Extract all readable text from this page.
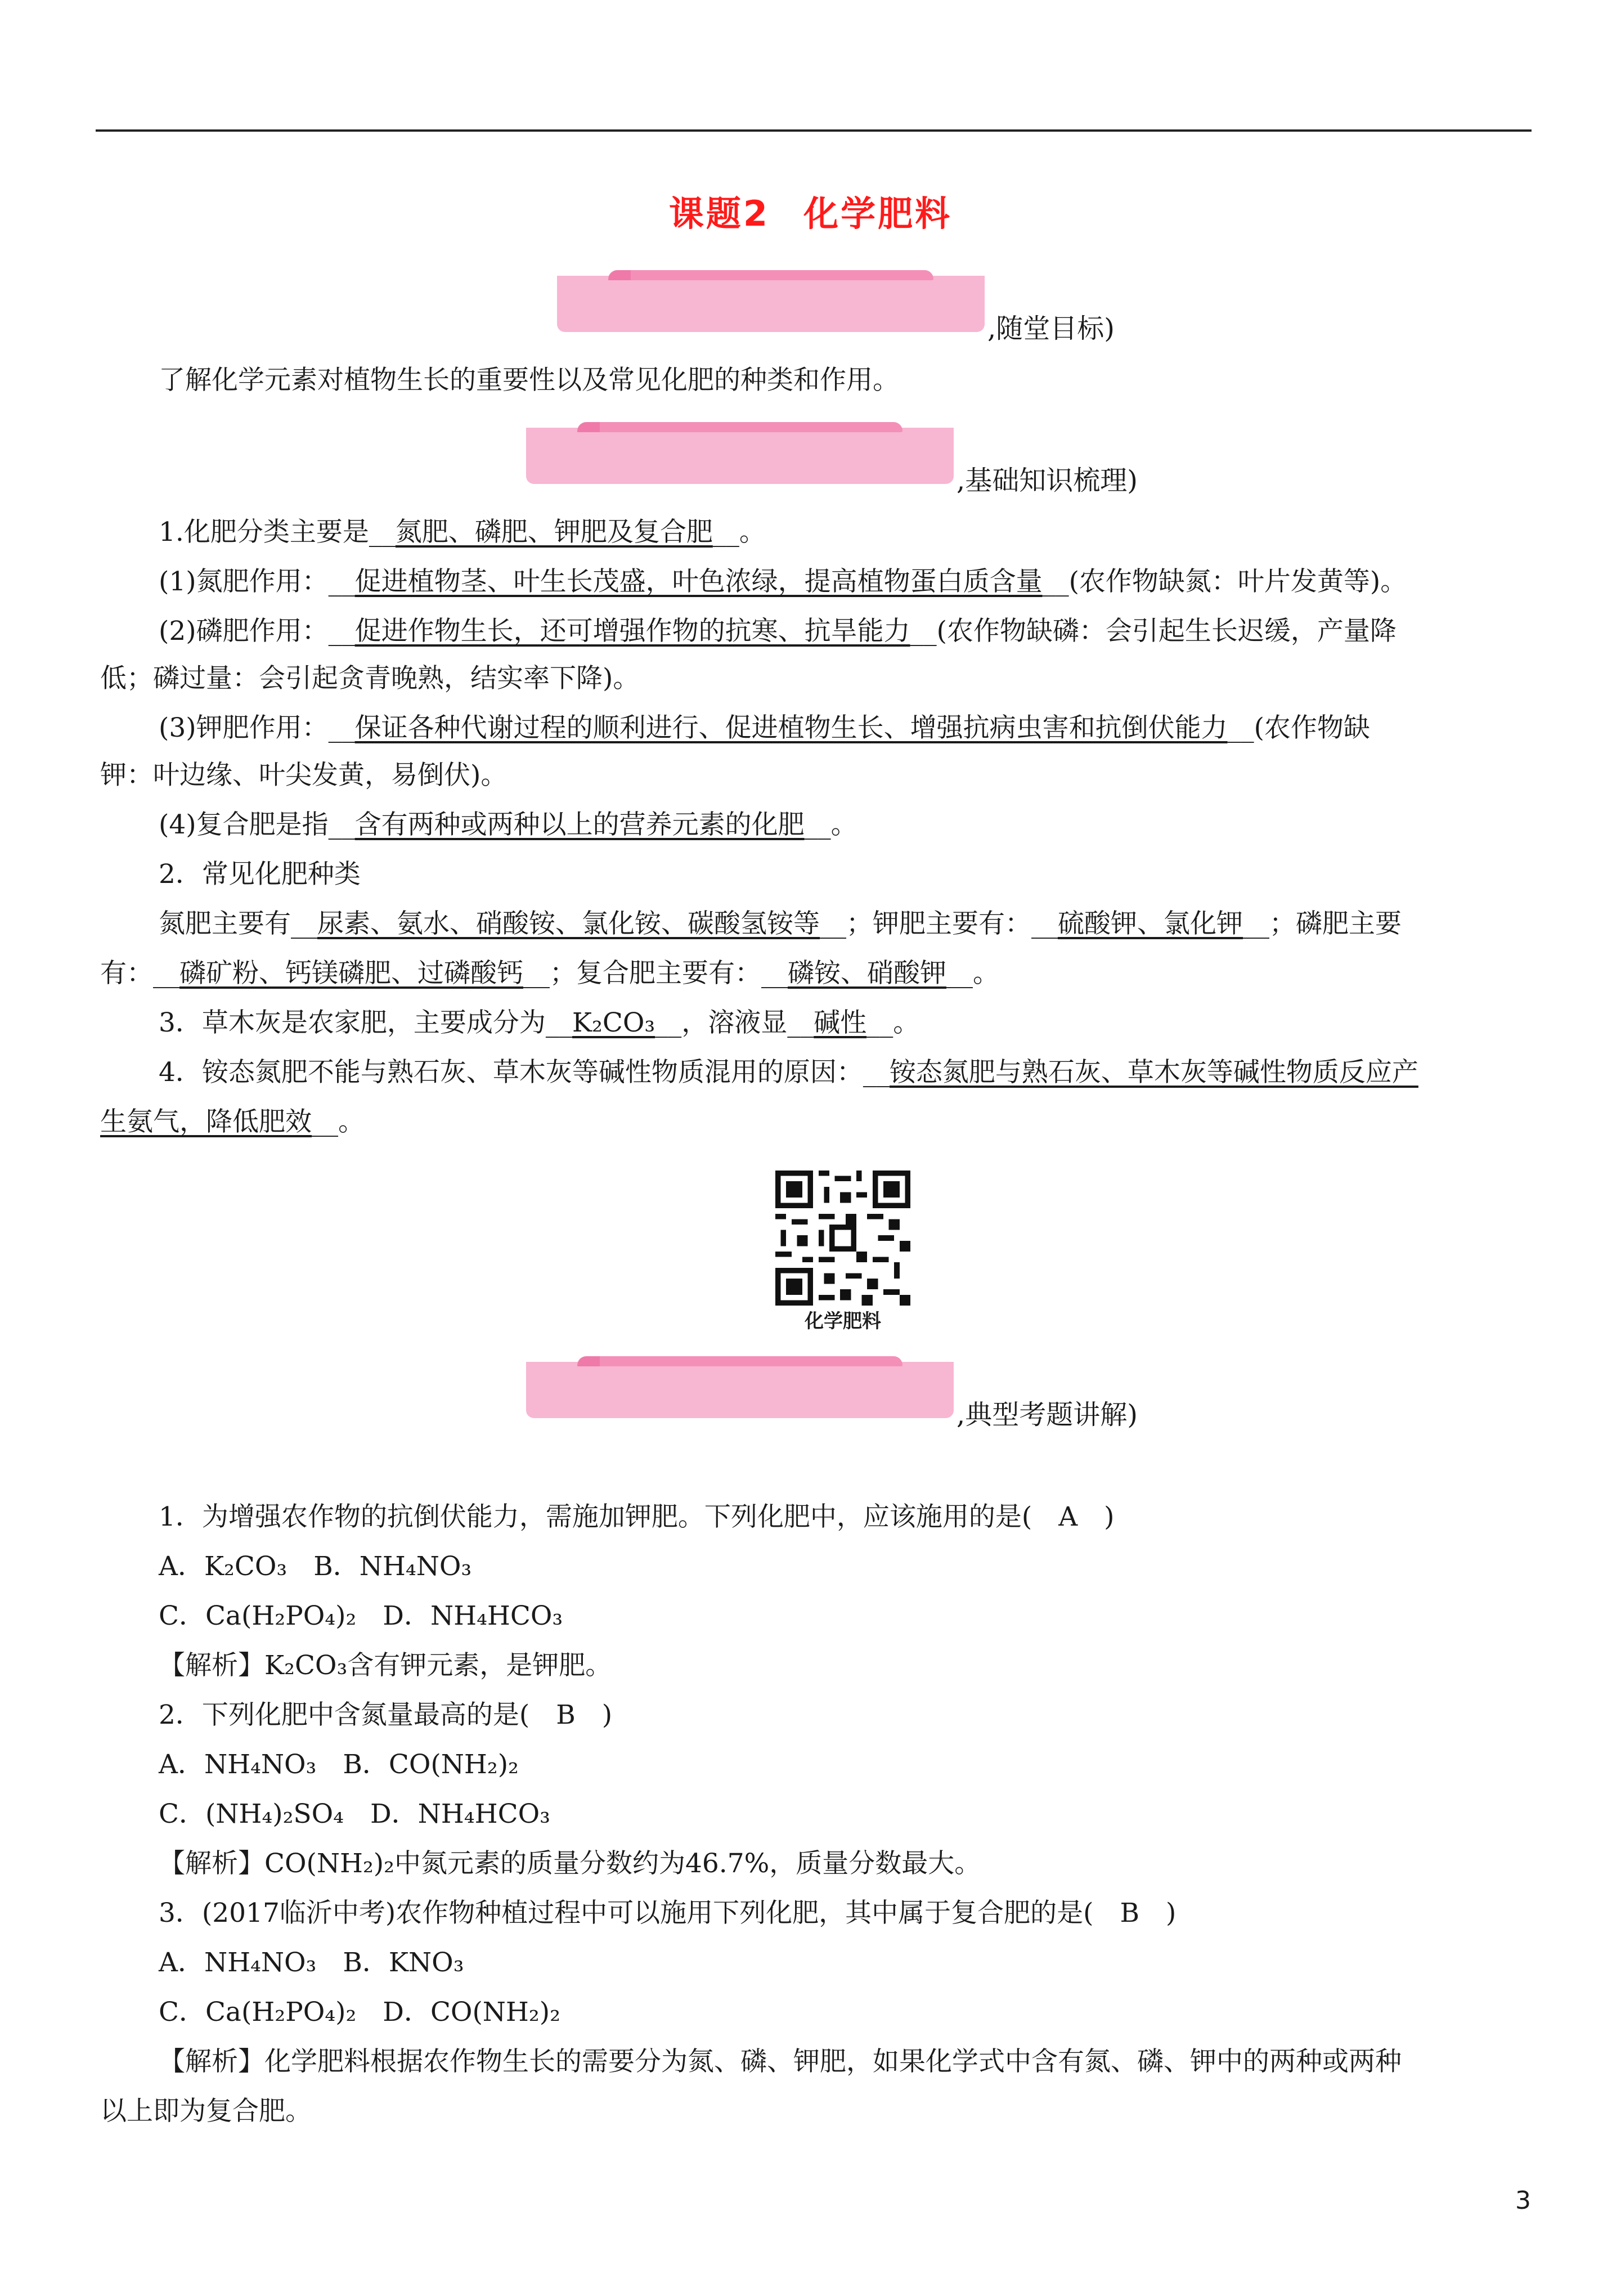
课题2 化学肥料
,随堂目标)
了解化学元素对植物生长的重要性以及常见化肥的种类和作用。
,基础知识梳理)
1.化肥分类主要是__氮肥、磷肥、钾肥及复合肥__。
(1)氮肥作用：__促进植物茎、叶生长茂盛，叶色浓绿，提高植物蛋白质含量__(农作物缺氮：叶片发黄等)。
(2)磷肥作用：__促进作物生长，还可增强作物的抗寒、抗旱能力__(农作物缺磷：会引起生长迟缓，产量降
低；磷过量：会引起贪青晚熟，结实率下降)。
(3)钾肥作用：__保证各种代谢过程的顺利进行、促进植物生长、增强抗病虫害和抗倒伏能力__(农作物缺
钾：叶边缘、叶尖发黄，易倒伏)。
(4)复合肥是指__含有两种或两种以上的营养元素的化肥__。
2．常见化肥种类
氮肥主要有__尿素、氨水、硝酸铵、氯化铵、碳酸氢铵等__；钾肥主要有：__硫酸钾、氯化钾__；磷肥主要
有：__磷矿粉、钙镁磷肥、过磷酸钙__；复合肥主要有：__磷铵、硝酸钾__。
3．草木灰是农家肥，主要成分为__K₂CO₃__，溶液显__碱性__。
4．铵态氮肥不能与熟石灰、草木灰等碱性物质混用的原因：__铵态氮肥与熟石灰、草木灰等碱性物质反应产
生氨气，降低肥效__。
化学肥料
,典型考题讲解)
1．为增强农作物的抗倒伏能力，需施加钾肥。下列化肥中，应该施用的是(　A　)
A．K₂CO₃　B．NH₄NO₃
C．Ca(H₂PO₄)₂　D．NH₄HCO₃
【解析】K₂CO₃含有钾元素，是钾肥。
2．下列化肥中含氮量最高的是(　B　)
A．NH₄NO₃　B．CO(NH₂)₂
C．(NH₄)₂SO₄　D．NH₄HCO₃
【解析】CO(NH₂)₂中氮元素的质量分数约为46.7%，质量分数最大。
3．(2017临沂中考)农作物种植过程中可以施用下列化肥，其中属于复合肥的是(　B　)
A．NH₄NO₃　B．KNO₃
C．Ca(H₂PO₄)₂　D．CO(NH₂)₂
【解析】化学肥料根据农作物生长的需要分为氮、磷、钾肥，如果化学式中含有氮、磷、钾中的两种或两种
以上即为复合肥。
3
